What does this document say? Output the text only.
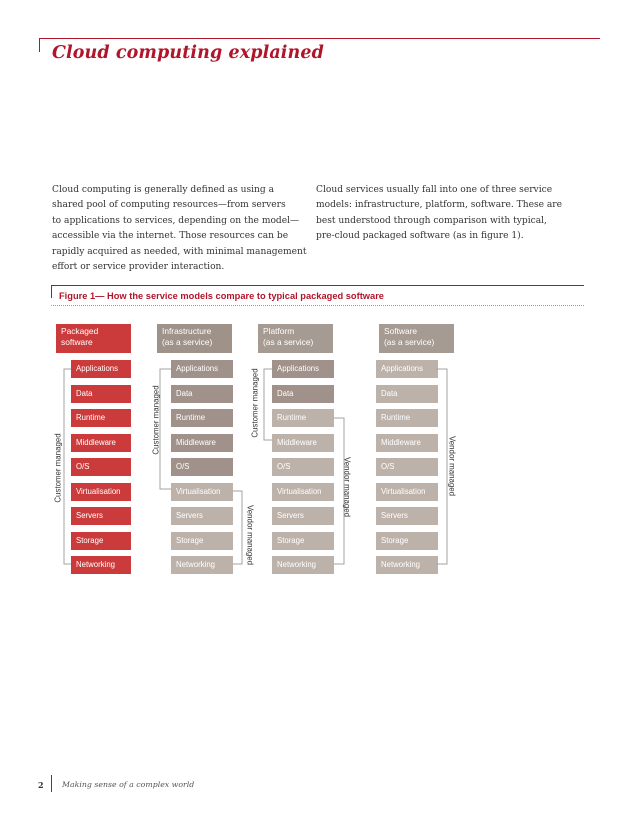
Cloud computing explained
Cloud computing is generally defined as using a
shared pool of computing resources—from servers
to applications to services, depending on the model—
accessible via the internet. Those resources can be
rapidly acquired as needed, with minimal management
effort or service provider interaction.
Cloud services usually fall into one of three service
models: infrastructure, platform, software. These are
best understood through comparison with typical,
pre-cloud packaged software (as in figure 1).
Figure 1— How the service models compare to typical packaged software
Packaged
software
Infrastructure
(as a service)
Platform
(as a service)
Software
(as a service)
Applications	Applications	Applications	Applications
Data	Data	Data	Data
Runtime	Runtime	Runtime	Runtime
Middleware	Middleware	Middleware	Middleware
O/S	O/S	O/S	O/S
Virtualisation	Virtualisation	Virtualisation	Virtualisation
Servers	Servers	Servers	Servers
Storage	Storage	Storage	Storage
Networking	Networking	Networking	Networking
Customer managed
Customer managed
Vendor managed
Customer managed
Vendor managed	Vendor managed
2 Making sense of a complex world
